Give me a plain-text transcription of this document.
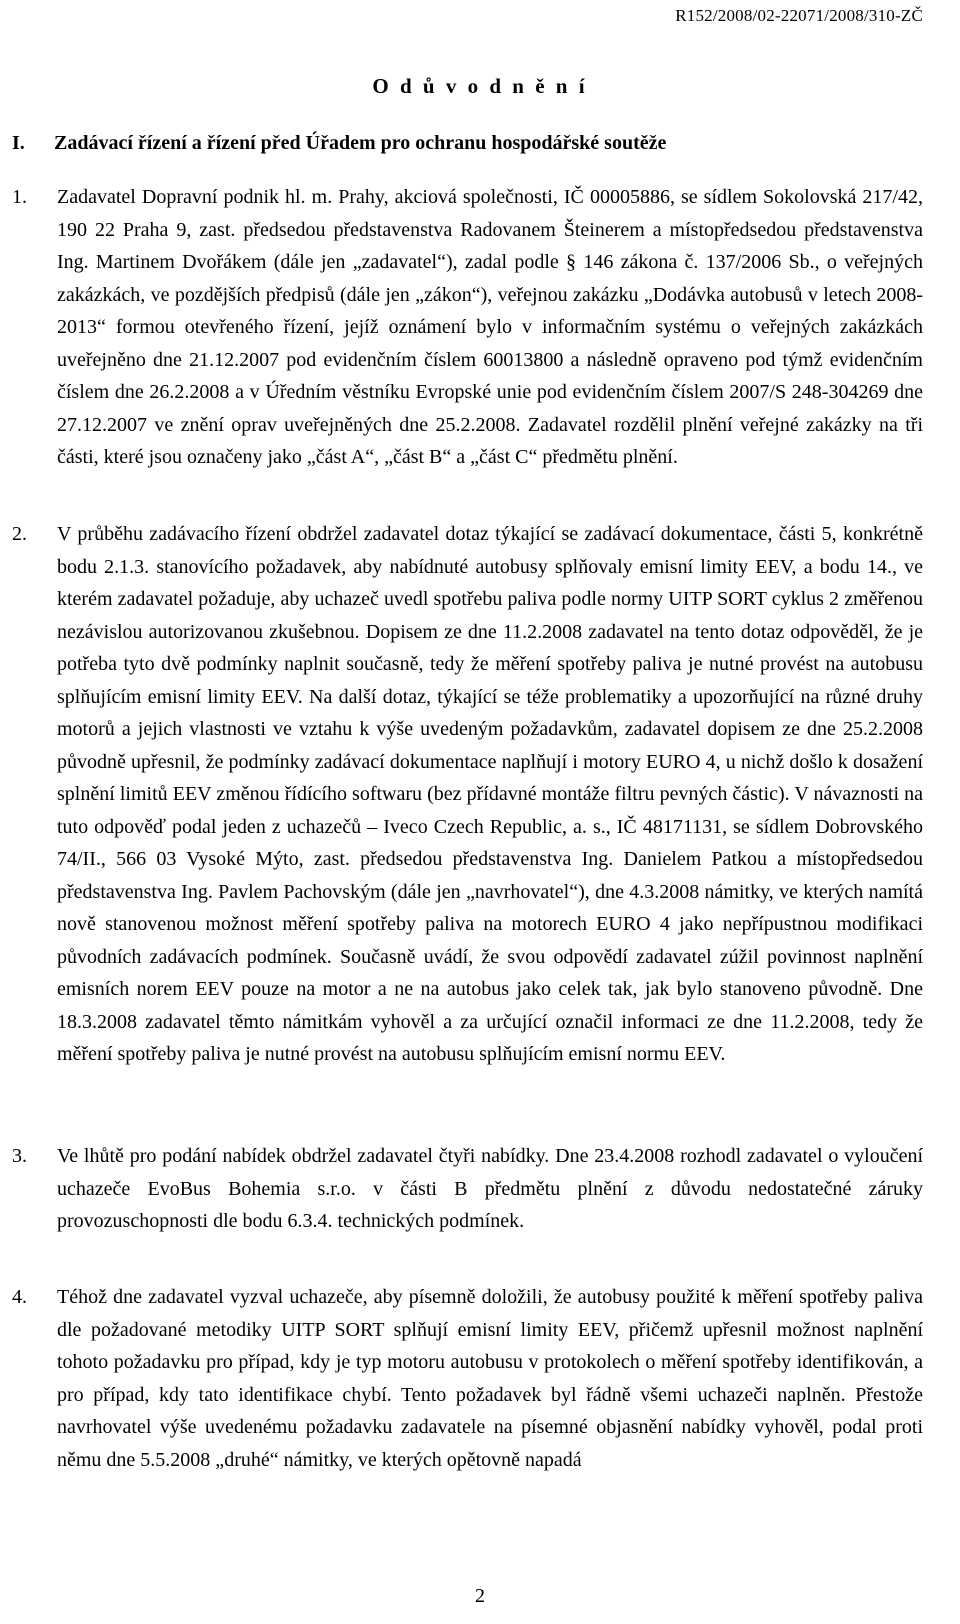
R152/2008/02-22071/2008/310-ZČ
O d ů v o d n ě n í
I. Zadávací řízení a řízení před Úřadem pro ochranu hospodářské soutěže
1. Zadavatel Dopravní podnik hl. m. Prahy, akciová společnosti, IČ 00005886, se sídlem Sokolovská 217/42, 190 22 Praha 9, zast. předsedou představenstva Radovanem Šteinerem a místopředsedou představenstva Ing. Martinem Dvořákem (dále jen „zadavatel“), zadal podle § 146 zákona č. 137/2006 Sb., o veřejných zakázkách, ve pozdějších předpisů (dále jen „zákon“), veřejnou zakázku „Dodávka autobusů v letech 2008-2013“ formou otevřeného řízení, jejíž oznámení bylo v informačním systému o veřejných zakázkách uveřejněno dne 21.12.2007 pod evidenčním číslem 60013800 a následně opraveno pod týmž evidenčním číslem dne 26.2.2008 a v Úředním věstníku Evropské unie pod evidenčním číslem 2007/S 248-304269 dne 27.12.2007 ve znění oprav uveřejněných dne 25.2.2008. Zadavatel rozdělil plnění veřejné zakázky na tři části, které jsou označeny jako „část A“, „část B“ a „část C“ předmětu plnění.
2. V průběhu zadávacího řízení obdržel zadavatel dotaz týkající se zadávací dokumentace, části 5, konkrétně bodu 2.1.3. stanovícího požadavek, aby nabídnuté autobusy splňovaly emisní limity EEV, a bodu 14., ve kterém zadavatel požaduje, aby uchazeč uvedl spotřebu paliva podle normy UITP SORT cyklus 2 změřenou nezávislou autorizovanou zkušebnou. Dopisem ze dne 11.2.2008 zadavatel na tento dotaz odpověděl, že je potřeba tyto dvě podmínky naplnit současně, tedy že měření spotřeby paliva je nutné provést na autobusu splňujícím emisní limity EEV. Na další dotaz, týkající se téže problematiky a upozorňující na různé druhy motorů a jejich vlastnosti ve vztahu k výše uvedeným požadavkům, zadavatel dopisem ze dne 25.2.2008 původně upřesnil, že podmínky zadávací dokumentace naplňují i motory EURO 4, u nichž došlo k dosažení splnění limitů EEV změnou řídícího softwaru (bez přídavné montáže filtru pevných částic). V návaznosti na tuto odpověď podal jeden z uchazečů – Iveco Czech Republic, a. s., IČ 48171131, se sídlem Dobrovského 74/II., 566 03 Vysoké Mýto, zast. předsedou představenstva Ing. Danielem Patkou a místopředsedou představenstva Ing. Pavlem Pachovským (dále jen „navrhovatel“), dne 4.3.2008 námitky, ve kterých namítá nově stanovenou možnost měření spotřeby paliva na motorech EURO 4 jako nepřípustnou modifikaci původních zadávacích podmínek. Současně uvádí, že svou odpovědí zadavatel zúžil povinnost naplnění emisních norem EEV pouze na motor a ne na autobus jako celek tak, jak bylo stanoveno původně. Dne 18.3.2008 zadavatel těmto námitkám vyhověl a za určující označil informaci ze dne 11.2.2008, tedy že měření spotřeby paliva je nutné provést na autobusu splňujícím emisní normu EEV.
3. Ve lhůtě pro podání nabídek obdržel zadavatel čtyři nabídky. Dne 23.4.2008 rozhodl zadavatel o vyloučení uchazeče EvoBus Bohemia s.r.o. v části B předmětu plnění z důvodu nedostatečné záruky provozuschopnosti dle bodu 6.3.4. technických podmínek.
4. Téhož dne zadavatel vyzval uchazeče, aby písemně doložili, že autobusy použité k měření spotřeby paliva dle požadované metodiky UITP SORT splňují emisní limity EEV, přičemž upřesnil možnost naplnění tohoto požadavku pro případ, kdy je typ motoru autobusu v protokolech o měření spotřeby identifikován, a pro případ, kdy tato identifikace chybí. Tento požadavek byl řádně všemi uchazeči naplněn. Přestože navrhovatel výše uvedenému požadavku zadavatele na písemné objasnění nabídky vyhověl, podal proti němu dne 5.5.2008 „druhé“ námitky, ve kterých opětovně napadá
2
